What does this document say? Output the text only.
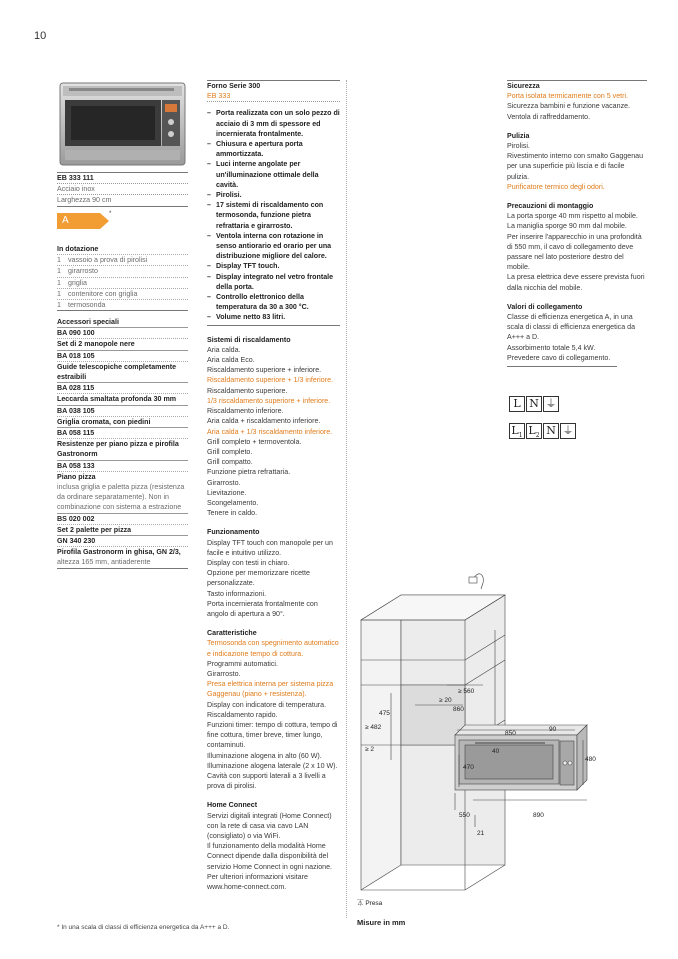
10
EB 333 111
Acciaio inox
Larghezza 90 cm
A
*
In dotazione
1 vassoio a prova di pirolisi
1 girarrosto
1 griglia
1 contenitore con griglia
1 termosonda
Accessori speciali
BA 090 100
Set di 2 manopole nere
BA 018 105
Guide telescopiche completamente estraibili
BA 028 115
Leccarda smaltata profonda 30 mm
BA 038 105
Griglia cromata, con piedini
BA 058 115
Resistenze per piano pizza e pirofila Gastronorm
BA 058 133
Piano pizza
inclusa griglia e paletta pizza (resistenza da ordinare separatamente). Non in combinazione con sistema a estrazione
BS 020 002
Set 2 palette per pizza
GN 340 230
Pirofila Gastronorm in ghisa, GN 2/3,
altezza 165 mm, antiaderente
Forno Serie 300
EB 333
– Porta realizzata con un solo pezzo di acciaio di 3 mm di spessore ed incernierata frontalmente.
– Chiusura e apertura porta ammortizzata.
– Luci interne angolate per un'illuminazione ottimale della cavità.
– Pirolisi.
– 17 sistemi di riscaldamento con termosonda, funzione pietra refrattaria e girarrosto.
– Ventola interna con rotazione in senso antiorario ed orario per una distribuzione migliore del calore.
– Display TFT touch.
– Display integrato nel vetro frontale della porta.
– Controllo elettronico della temperatura da 30 a 300 °C.
– Volume netto 83 litri.
Sistemi di riscaldamento
Aria calda.
Aria calda Eco.
Riscaldamento superiore + inferiore.
Riscaldamento superiore + 1/3 inferiore.
Riscaldamento superiore.
1/3 riscaldamento superiore + inferiore.
Riscaldamento inferiore.
Aria calda + riscaldamento inferiore.
Aria calda + 1/3 riscaldamento inferiore.
Grill completo + termoventola.
Grill completo.
Grill compatto.
Funzione pietra refrattaria.
Girarrosto.
Lievitazione.
Scongelamento.
Tenere in caldo.
Funzionamento
Display TFT touch con manopole per un facile e intuitivo utilizzo.
Display con testi in chiaro.
Opzione per memorizzare ricette personalizzate.
Tasto informazioni.
Porta incernierata frontalmente con angolo di apertura a 90°.
Caratteristiche
Termosonda con spegnimento automatico e indicazione tempo di cottura.
Programmi automatici.
Girarrosto.
Presa elettrica interna per sistema pizza Gaggenau (piano + resistenza).
Display con indicatore di temperatura.
Riscaldamento rapido.
Funzioni timer: tempo di cottura, tempo di fine cottura, timer breve, timer lungo, contaminuti.
Illuminazione alogena in alto (60 W).
Illuminazione alogena laterale (2 x 10 W).
Cavità con supporti laterali a 3 livelli a prova di pirolisi.
Home Connect
Servizi digitali integrati (Home Connect) con la rete di casa via cavo LAN (consigliato) o via WiFi.
Il funzionamento della modalità Home Connect dipende dalla disponibilità del servizio Home Connect in ogni nazione. Per ulteriori informazioni visitare www.home-connect.com.
Sicurezza
Porta isolata termicamente con 5 vetri.
Sicurezza bambini e funzione vacanze.
Ventola di raffreddamento.
Pulizia
Pirolisi.
Rivestimento interno con smalto Gaggenau per una superficie più liscia e di facile pulizia.
Purificatore termico degli odori.
Precauzioni di montaggio
La porta sporge 40 mm rispetto al mobile.
La maniglia sporge 90 mm dal mobile.
Per inserire l'apparecchio in una profondità di 550 mm, il cavo di collegamento deve passare nel lato posteriore destro del mobile.
La presa elettrica deve essere prevista fuori dalla nicchia del mobile.
Valori di collegamento
Classe di efficienza energetica A, in una scala di classi di efficienza energetica da A+++ a D.
Assorbimento totale 5,4 kW.
Prevedere cavo di collegamento.
L N ⏚
$L_1$ $L_2$ N ⏚
≥ 560
≥ 20
860
475
≥ 482
≥ 2
850
90
40
470
480
550
21
890
⏄ Presa
Misure in mm
* In una scala di classi di efficienza energetica da A+++ a D.
